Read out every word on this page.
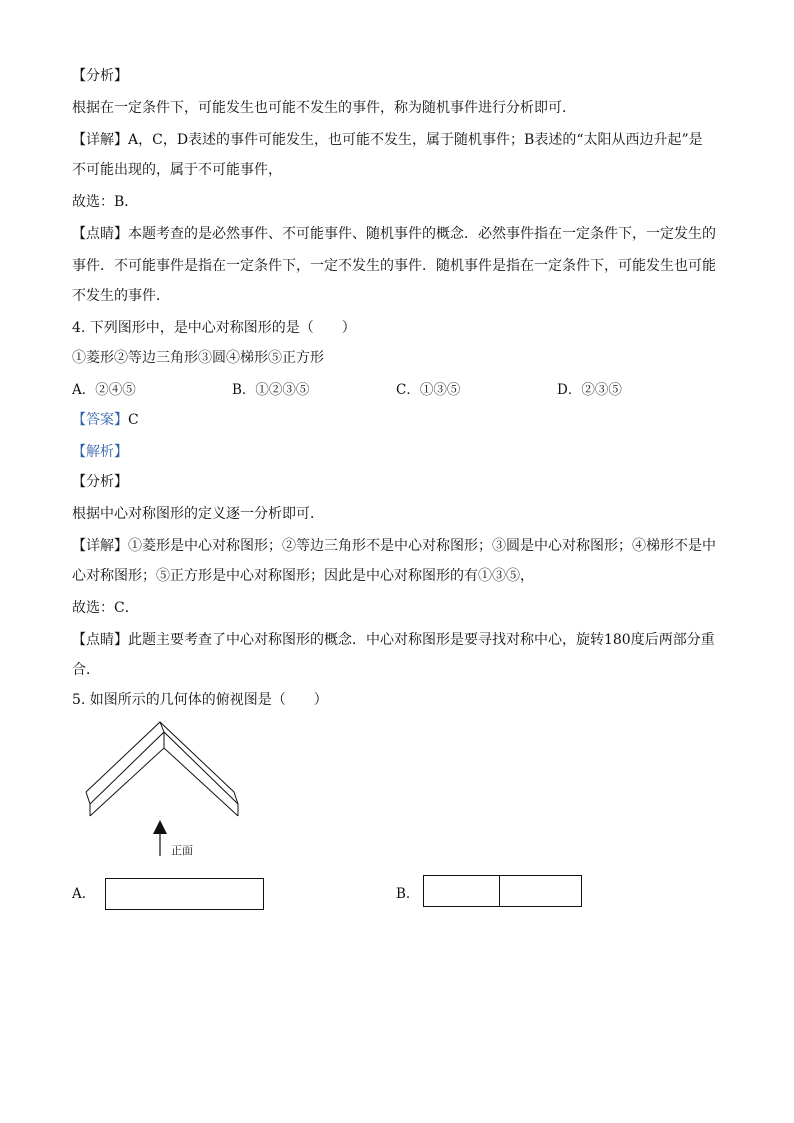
【分析】
根据在一定条件下，可能发生也可能不发生的事件，称为随机事件进行分析即可．
【详解】A，C，D表述的事件可能发生，也可能不发生，属于随机事件；B表述的“太阳从西边升起”是
不可能出现的，属于不可能事件，
故选：B．
【点睛】本题考查的是必然事件、不可能事件、随机事件的概念．必然事件指在一定条件下，一定发生的
事件．不可能事件是指在一定条件下，一定不发生的事件．随机事件是指在一定条件下，可能发生也可能
不发生的事件．
4. 下列图形中，是中心对称图形的是（　　）
①菱形②等边三角形③圆④梯形⑤正方形
A．②④⑤	B．①②③⑤	C．①③⑤	D．②③⑤
【答案】C
【解析】
【分析】
根据中心对称图形的定义逐一分析即可．
【详解】①菱形是中心对称图形；②等边三角形不是中心对称图形；③圆是中心对称图形；④梯形不是中
心对称图形；⑤正方形是中心对称图形；因此是中心对称图形的有①③⑤，
故选：C．
【点睛】此题主要考查了中心对称图形的概念．中心对称图形是要寻找对称中心，旋转180度后两部分重
合．
5. 如图所示的几何体的俯视图是（　　）
正面
A.	B.
